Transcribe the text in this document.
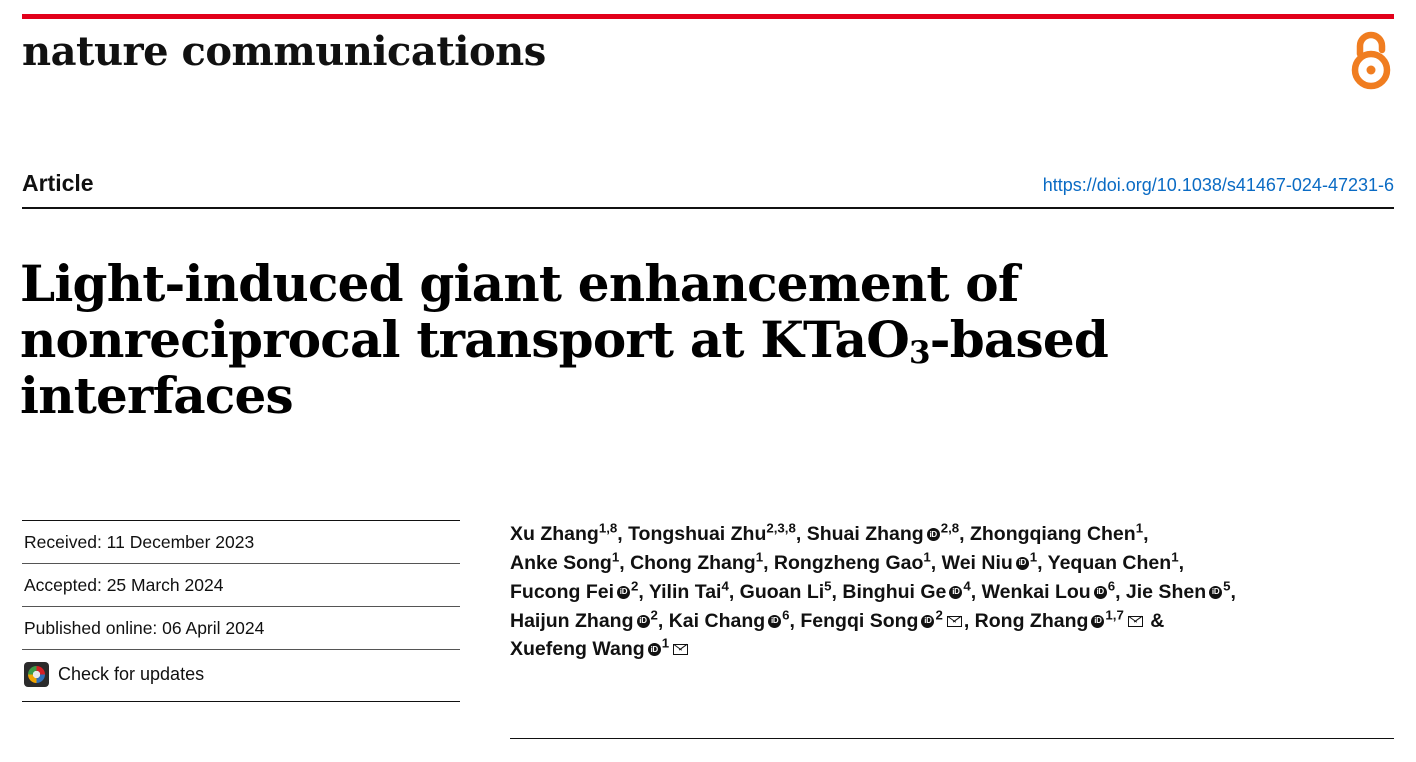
nature communications
Article	https://doi.org/10.1038/s41467-024-47231-6
Light-induced giant enhancement of
nonreciprocal transport at KTaO$_3$-based
interfaces
Received: 11 December 2023
Accepted: 25 March 2024
Published online: 06 April 2024
Check for updates
Xu Zhang$^{1,8}$, Tongshuai Zhu$^{2,3,8}$, Shuai Zhang iD $^{2,8}$, Zhongqiang Chen$^1$,
Anke Song$^1$, Chong Zhang$^1$, Rongzheng Gao$^1$, Wei Niu iD $^1$, Yequan Chen$^1$,
Fucong Fei iD $^2$, Yilin Tai$^4$, Guoan Li$^5$, Binghui Ge iD $^4$, Wenkai Lou iD $^6$, Jie SheniD $^5$,
Haijun Zhang iD $^2$, Kai Chang iD $^6$, Fengqi Song iD $^2$ , Rong Zhang iD $^{1,7}$ &
Xuefeng Wang iD $^1$
